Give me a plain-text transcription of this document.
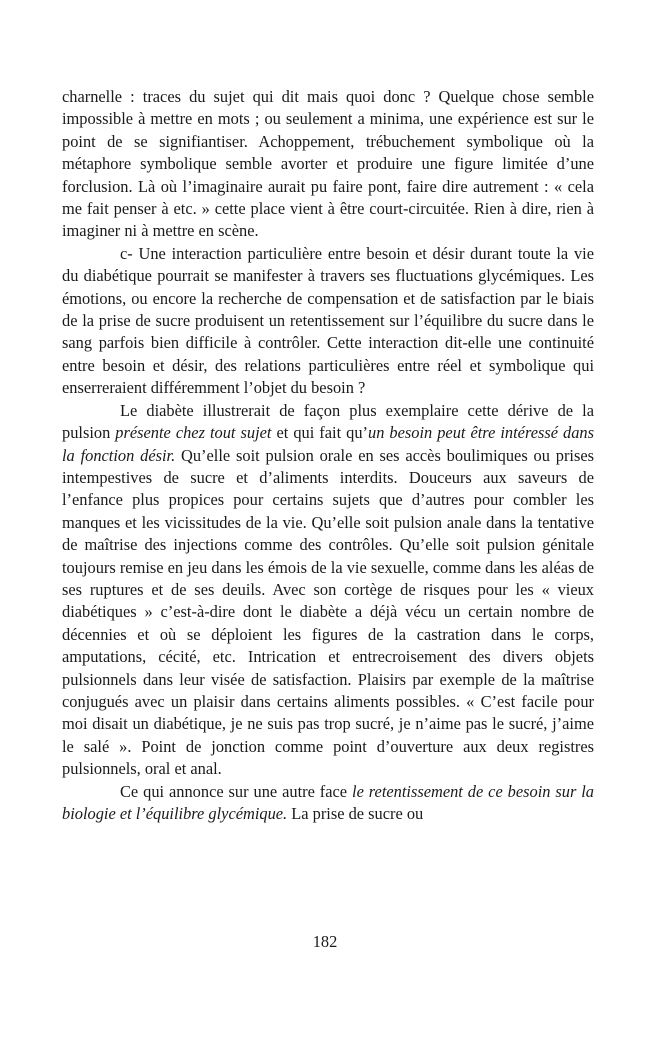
charnelle : traces du sujet qui dit mais quoi donc ? Quelque chose semble impossible à mettre en mots ; ou seulement a minima, une expérience est sur le point de se signifiantiser. Achoppement, trébuchement symbolique où la métaphore symbolique semble avorter et produire une figure limitée d’une forclusion. Là où l’imaginaire aurait pu faire pont, faire dire autrement : « cela me fait penser à etc. » cette place vient à être court-circuitée. Rien à dire, rien à imaginer ni à mettre en scène.

c- Une interaction particulière entre besoin et désir durant toute la vie du diabétique pourrait se manifester à travers ses fluctuations glycémiques. Les émotions, ou encore la recherche de compensation et de satisfaction par le biais de la prise de sucre produisent un retentissement sur l’équilibre du sucre dans le sang parfois bien difficile à contrôler. Cette interaction dit-elle une continuité entre besoin et désir, des relations particulières entre réel et symbolique qui enserreraient différemment l’objet du besoin ?

Le diabète illustrerait de façon plus exemplaire cette dérive de la pulsion présente chez tout sujet et qui fait qu’un besoin peut être intéressé dans la fonction désir. Qu’elle soit pulsion orale en ses accès boulimiques ou prises intempestives de sucre et d’aliments interdits. Douceurs aux saveurs de l’enfance plus propices pour certains sujets que d’autres pour combler les manques et les vicissitudes de la vie. Qu’elle soit pulsion anale dans la tentative de maîtrise des injections comme des contrôles. Qu’elle soit pulsion génitale toujours remise en jeu dans les émois de la vie sexuelle, comme dans les aléas de ses ruptures et de ses deuils. Avec son cortège de risques pour les « vieux diabétiques » c’est-à-dire dont le diabète a déjà vécu un certain nombre de décennies et où se déploient les figures de la castration dans le corps, amputations, cécité, etc. Intrication et entrecroisement des divers objets pulsionnels dans leur visée de satisfaction. Plaisirs par exemple de la maîtrise conjugués avec un plaisir dans certains aliments possibles. « C’est facile pour moi disait un diabétique, je ne suis pas trop sucré, je n’aime pas le sucré, j’aime le salé ». Point de jonction comme point d’ouverture aux deux registres pulsionnels, oral et anal.

Ce qui annonce sur une autre face le retentissement de ce besoin sur la biologie et l’équilibre glycémique. La prise de sucre ou

182
